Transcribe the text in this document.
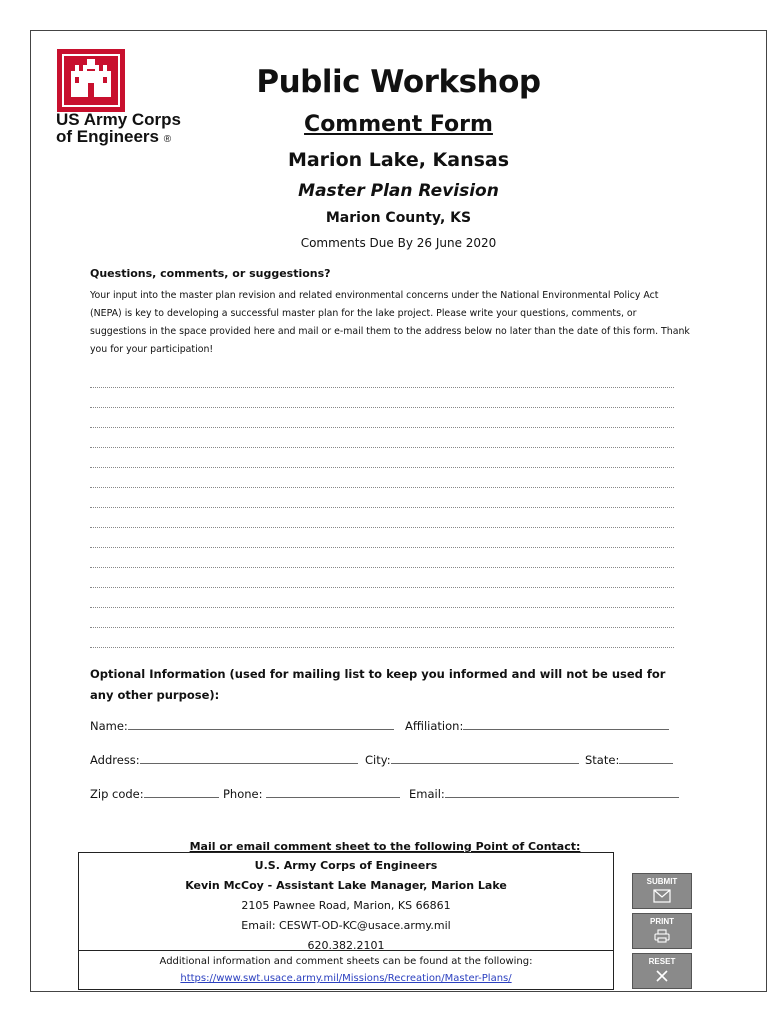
US Army Corps
of Engineers ®
Public Workshop
Comment Form
Marion Lake, Kansas
Master Plan Revision
Marion County, KS
Comments Due By 26 June 2020
Questions, comments, or suggestions?
Your input into the master plan revision and related environmental concerns under the National Environmental Policy Act (NEPA) is key to developing a successful master plan for the lake project. Please write your questions, comments, or suggestions in the space provided here and mail or e-mail them to the address below no later than the date of this form. Thank you for your participation!
Optional Information (used for mailing list to keep you informed and will not be used for any other purpose):
Name:	Affiliation:
Address:	City:	State:
Zip code:	Phone:	Email:
Mail or email comment sheet to the following Point of Contact:
U.S. Army Corps of Engineers
Kevin McCoy - Assistant Lake Manager, Marion Lake
2105 Pawnee Road, Marion, KS 66861
Email: CESWT-OD-KC@usace.army.mil
620.382.2101
Additional information and comment sheets can be found at the following:
https://www.swt.usace.army.mil/Missions/Recreation/Master-Plans/
SUBMIT
PRINT
RESET
